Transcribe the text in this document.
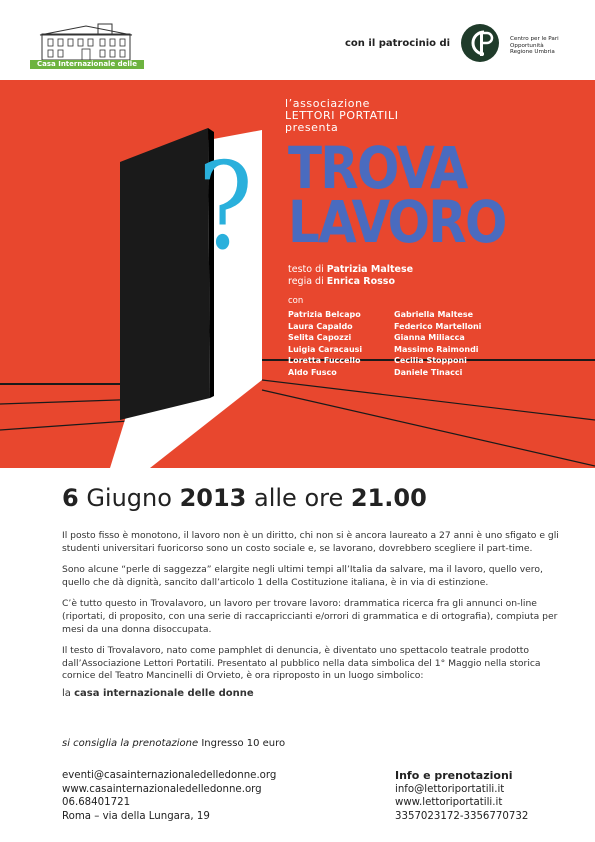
Casa Internazionale delle Donne
con il patrocinio di	Centro per le Pari
Opportunità
Regione Umbria
l’associazione
LETTORI PORTATILI
presenta
? TROVA
LAVORO
testo di Patrizia Maltese
regia di Enrica Rosso
con
Patrizia Belcapo
Laura Capaldo
Selita Capozzi
Luigia Caracausi
Loretta Fuccello
Aldo Fusco
Gabriella Maltese
Federico Martelloni
Gianna Miliacca
Massimo Raimondi
Cecilia Stopponi
Daniele Tinacci
6 Giugno 2013 alle ore 21.00

Il posto fisso è monotono, il lavoro non è un diritto, chi non si è ancora laureato a 27 anni è uno sfigato e gli studenti universitari fuoricorso sono un costo sociale e, se lavorano, dovrebbero scegliere il part-time.

Sono alcune “perle di saggezza” elargite negli ultimi tempi all’Italia da salvare, ma il lavoro, quello vero, quello che dà dignità, sancito dall’articolo 1 della Costituzione italiana, è in via di estinzione.

C’è tutto questo in Trovalavoro, un lavoro per trovare lavoro: drammatica ricerca fra gli annunci on-line (riportati, di proposito, con una serie di raccapriccianti e/orrori di grammatica e di ortografia), compiuta per mesi da una donna disoccupata.

Il testo di Trovalavoro, nato come pamphlet di denuncia, è diventato uno spettacolo teatrale prodotto dall’Associazione Lettori Portatili. Presentato al pubblico nella data simbolica del 1° Maggio nella storica cornice del Teatro Mancinelli di Orvieto, è ora riproposto in un luogo simbolico:

la casa internazionale delle donne

si consiglia la prenotazione Ingresso 10 euro
eventi@casainternazionaledelledonne.org
www.casainternazionaledelledonne.org
06.68401721
Roma – via della Lungara, 19
Info e prenotazioni
info@lettoriportatili.it
www.lettoriportatili.it
3357023172-3356770732
